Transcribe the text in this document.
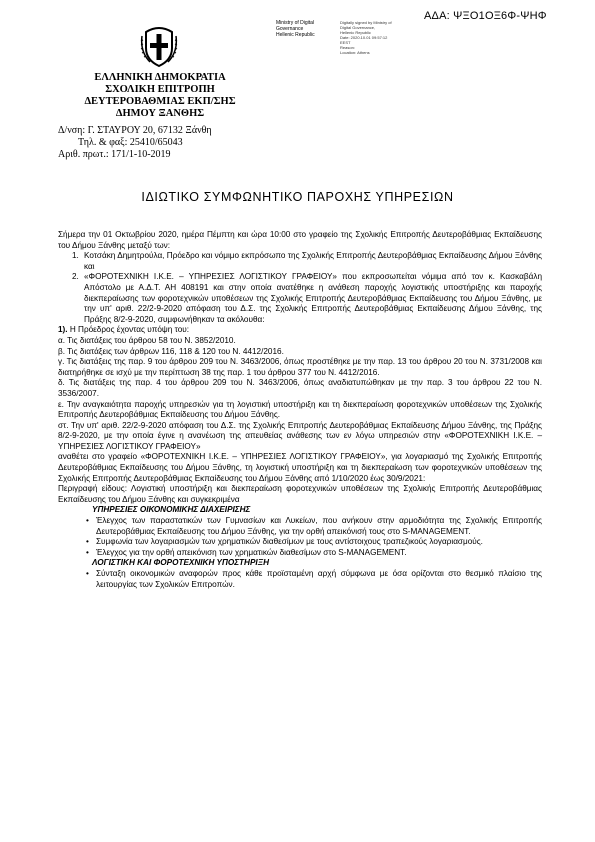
ΑΔΑ: ΨΞΟ1ΟΞ6Φ-ΨΗΦ
Ministry of Digital
Governance
Hellenic Republic
Digitally signed by Ministry of
Digital Governance,
Hellenic Republic
Date: 2020.10.01 09:57:12
EEST
Reason:
Location: Athens
ΕΛΛΗΝΙΚΗ ΔΗΜΟΚΡΑΤΙΑ
ΣΧΟΛΙΚΗ ΕΠΙΤΡΟΠΗ
ΔΕΥΤΕΡΟΒΑΘΜΙΑΣ ΕΚΠ/ΣΗΣ
ΔΗΜΟΥ ΞΑΝΘΗΣ
Δ/νση: Γ. ΣΤΑΥΡΟΥ 20, 67132 Ξάνθη
Τηλ. & φαξ: 25410/65043
Αριθ. πρωτ.: 171/1-10-2019
ΙΔΙΩΤΙΚΟ ΣΥΜΦΩΝΗΤΙΚΟ ΠΑΡΟΧΗΣ ΥΠΗΡΕΣΙΩΝ

Σήμερα την 01 Οκτωβρίου 2020, ημέρα Πέμπτη και ώρα 10:00 στο γραφείο της Σχολικής Επιτροπής Δευτεροβάθμιας Εκπαίδευσης του Δήμου Ξάνθης μεταξύ των:

1. Κοτσάκη Δημητρούλα, Πρόεδρο και νόμιμο εκπρόσωπο της Σχολικής Επιτροπής Δευτεροβάθμιας Εκπαίδευσης Δήμου Ξάνθης και

2. «ΦΟΡΟΤΕΧΝΙΚΗ Ι.Κ.Ε. – ΥΠΗΡΕΣΙΕΣ ΛΟΓΙΣΤΙΚΟΥ ΓΡΑΦΕΙΟΥ» που εκπροσωπείται νόμιμα από τον κ. Κασκαβάλη Απόστολο με Α.Δ.Τ. ΑΗ 408191 και στην οποία ανατέθηκε η ανάθεση παροχής λογιστικής υποστήριξης και παροχής διεκπεραίωσης των φοροτεχνικών υποθέσεων της Σχολικής Επιτροπής Δευτεροβάθμιας Εκπαίδευσης του Δήμου Ξάνθης, με την υπ' αριθ. 22/2-9-2020 απόφαση του Δ.Σ. της Σχολικής Επιτροπής Δευτεροβάθμιας Εκπαίδευσης Δήμου Ξάνθης, της Πράξης 8/2-9-2020, συμφωνήθηκαν τα ακόλουθα:

1). Η Πρόεδρος έχοντας υπόψη του:

α. Τις διατάξεις του άρθρου 58 του Ν. 3852/2010.

β. Τις διατάξεις των άρθρων 116, 118 & 120 του Ν. 4412/2016.

γ. Τις διατάξεις της παρ. 9 του άρθρου 209 του Ν. 3463/2006, όπως προστέθηκε με την παρ. 13 του άρθρου 20 του Ν. 3731/2008 και διατηρήθηκε σε ισχύ με την περίπτωση 38 της παρ. 1 του άρθρου 377 του Ν. 4412/2016.

δ. Τις διατάξεις της παρ. 4 του άρθρου 209 του Ν. 3463/2006, όπως αναδιατυπώθηκαν με την παρ. 3 του άρθρου 22 του Ν. 3536/2007.

ε. Την αναγκαιότητα παροχής υπηρεσιών για τη λογιστική υποστήριξη και τη διεκπεραίωση φοροτεχνικών υποθέσεων της Σχολικής Επιτροπής Δευτεροβάθμιας Εκπαίδευσης του Δήμου Ξάνθης.

στ. Την υπ' αριθ. 22/2-9-2020 απόφαση του Δ.Σ. της Σχολικής Επιτροπής Δευτεροβάθμιας Εκπαίδευσης Δήμου Ξάνθης, της Πράξης 8/2-9-2020, με την οποία έγινε η ανανέωση της απευθείας ανάθεσης των εν λόγω υπηρεσιών στην «ΦΟΡΟΤΕΧΝΙΚΗ Ι.Κ.Ε. – ΥΠΗΡΕΣΙΕΣ ΛΟΓΙΣΤΙΚΟΥ ΓΡΑΦΕΙΟΥ»

αναθέτει στο γραφείο «ΦΟΡΟΤΕΧΝΙΚΗ Ι.Κ.Ε. – ΥΠΗΡΕΣΙΕΣ ΛΟΓΙΣΤΙΚΟΥ ΓΡΑΦΕΙΟΥ», για λογαριασμό της Σχολικής Επιτροπής Δευτεροβάθμιας Εκπαίδευσης του Δήμου Ξάνθης, τη λογιστική υποστήριξη και τη διεκπεραίωση των φοροτεχνικών υποθέσεων της Σχολικής Επιτροπής Δευτεροβάθμιας Εκπαίδευσης του Δήμου Ξάνθης από 1/10/2020 έως 30/9/2021:

Περιγραφή είδους: Λογιστική υποστήριξη και διεκπεραίωση φοροτεχνικών υποθέσεων της Σχολικής Επιτροπής Δευτεροβάθμιας Εκπαίδευσης του Δήμου Ξάνθης και συγκεκριμένα

ΥΠΗΡΕΣΙΕΣ ΟΙΚΟΝΟΜΙΚΗΣ ΔΙΑΧΕΙΡΙΣΗΣ

• Έλεγχος των παραστατικών των Γυμνασίων και Λυκείων, που ανήκουν στην αρμοδιότητα της Σχολικής Επιτροπής Δευτεροβάθμιας Εκπαίδευσης του Δήμου Ξάνθης, για την ορθή απεικόνισή τους στο S-MANAGEMENT.

• Συμφωνία των λογαριασμών των χρηματικών διαθεσίμων με τους αντίστοιχους τραπεζικούς λογαριασμούς.

• Έλεγχος για την ορθή απεικόνιση των χρηματικών διαθεσίμων στο S-MANAGEMENT.

ΛΟΓΙΣΤΙΚΗ ΚΑΙ ΦΟΡΟΤΕΧΝΙΚΗ ΥΠΟΣΤΗΡΙΞΗ

• Σύνταξη οικονομικών αναφορών προς κάθε προϊσταμένη αρχή σύμφωνα με όσα ορίζονται στο θεσμικό πλαίσιο της λειτουργίας των Σχολικών Επιτροπών.
